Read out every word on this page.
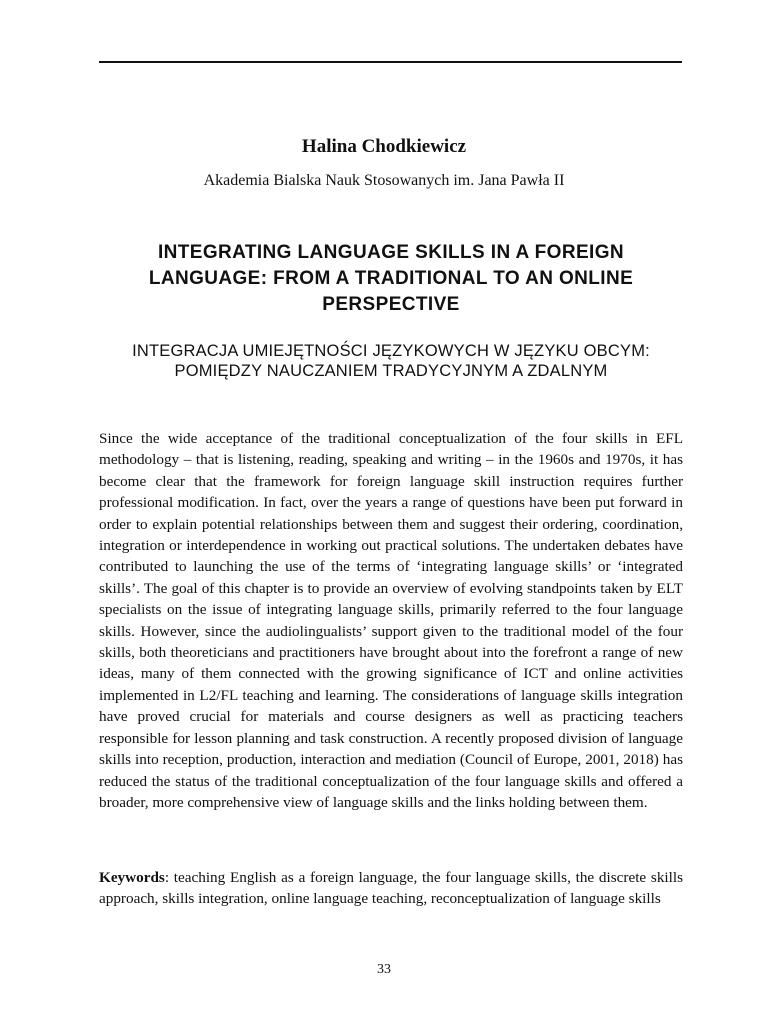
Halina Chodkiewicz
Akademia Bialska Nauk Stosowanych im. Jana Pawła II
INTEGRATING LANGUAGE SKILLS IN A FOREIGN
LANGUAGE: FROM A TRADITIONAL TO AN ONLINE
PERSPECTIVE
INTEGRACJA UMIEJĘTNOŚCI JĘZYKOWYCH W JĘZYKU OBCYM:
POMIĘDZY NAUCZANIEM TRADYCYJNYM A ZDALNYM

Since the wide acceptance of the traditional conceptualization of the four skills in EFL methodology – that is listening, reading, speaking and writing – in the 1960s and 1970s, it has become clear that the framework for foreign language skill instruction requires further professional modification. In fact, over the years a range of questions have been put forward in order to explain potential relationships between them and suggest their ordering, coordination, integration or interdependence in working out practical solutions. The undertaken debates have contributed to launching the use of the terms of ‘integrating language skills’ or ‘integrated skills’. The goal of this chapter is to provide an overview of evolving standpoints taken by ELT specialists on the issue of integrating language skills, primarily referred to the four language skills. However, since the audiolingualists’ support given to the traditional model of the four skills, both theoreticians and practitioners have brought about into the forefront a range of new ideas, many of them connected with the growing significance of ICT and online activities implemented in L2/FL teaching and learning. The considerations of language skills integration have proved crucial for materials and course designers as well as practicing teachers responsible for lesson planning and task construction. A recently proposed division of language skills into reception, production, interaction and mediation (Council of Europe, 2001, 2018) has reduced the status of the traditional conceptualization of the four language skills and offered a broader, more comprehensive view of language skills and the links holding between them.

Keywords: teaching English as a foreign language, the four language skills, the discrete skills approach, skills integration, online language teaching, reconceptualization of language skills

33
